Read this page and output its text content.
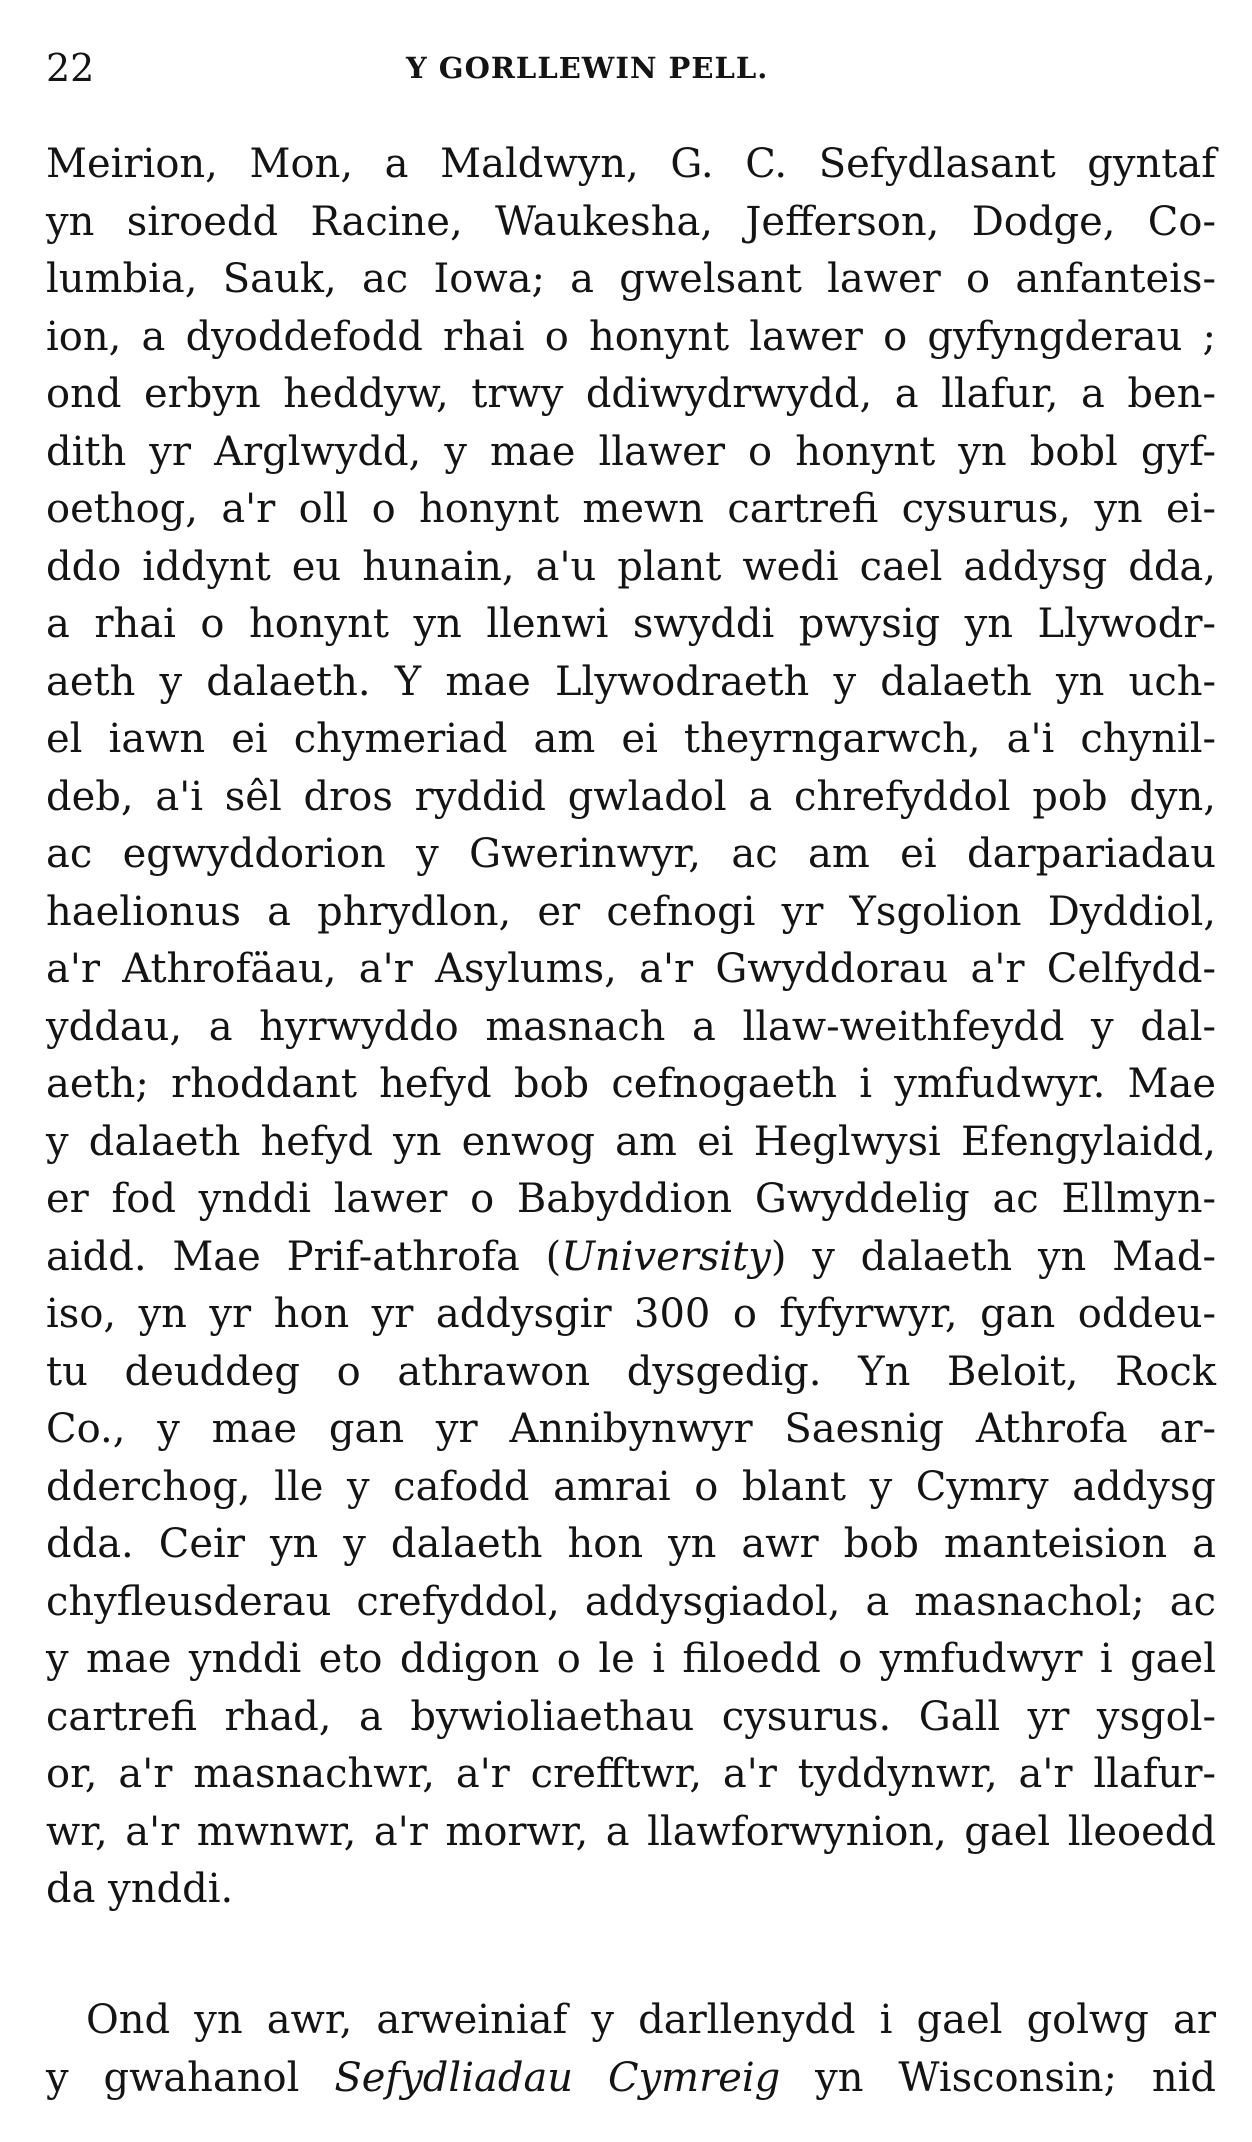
22	Y GORLLEWIN PELL.
Meirion, Mon, a Maldwyn, G. C. Sefydlasant gyntaf
yn siroedd Racine, Waukesha, Jefferson, Dodge, Co-
lumbia, Sauk, ac Iowa; a gwelsant lawer o anfanteis-
ion, a dyoddefodd rhai o honynt lawer o gyfyngderau ;
ond erbyn heddyw, trwy ddiwydrwydd, a llafur, a ben-
dith yr Arglwydd, y mae llawer o honynt yn bobl gyf-
oethog, a'r oll o honynt mewn cartrefi cysurus, yn ei-
ddo iddynt eu hunain, a'u plant wedi cael addysg dda,
a rhai o honynt yn llenwi swyddi pwysig yn Llywodr-
aeth y dalaeth. Y mae Llywodraeth y dalaeth yn uch-
el iawn ei chymeriad am ei theyrngarwch, a'i chynil-
deb, a'i sêl dros ryddid gwladol a chrefyddol pob dyn,
ac egwyddorion y Gwerinwyr, ac am ei darpariadau
haelionus a phrydlon, er cefnogi yr Ysgolion Dyddiol,
a'r Athrofäau, a'r Asylums, a'r Gwyddorau a'r Celfydd-
yddau, a hyrwyddo masnach a llaw-weithfeydd y dal-
aeth; rhoddant hefyd bob cefnogaeth i ymfudwyr. Mae
y dalaeth hefyd yn enwog am ei Heglwysi Efengylaidd,
er fod ynddi lawer o Babyddion Gwyddelig ac Ellmyn-
aidd. Mae Prif-athrofa (University) y dalaeth yn Mad-
iso, yn yr hon yr addysgir 300 o fyfyrwyr, gan oddeu-
tu deuddeg o athrawon dysgedig. Yn Beloit, Rock
Co., y mae gan yr Annibynwyr Saesnig Athrofa ar-
dderchog, lle y cafodd amrai o blant y Cymry addysg
dda. Ceir yn y dalaeth hon yn awr bob manteision a
chyfleusderau crefyddol, addysgiadol, a masnachol; ac
y mae ynddi eto ddigon o le i filoedd o ymfudwyr i gael
cartrefi rhad, a bywioliaethau cysurus. Gall yr ysgol-
or, a'r masnachwr, a'r crefftwr, a'r tyddynwr, a'r llafur-
wr, a'r mwnwr, a'r morwr, a llawforwynion, gael lleoedd
da ynddi.
Ond yn awr, arweiniaf y darllenydd i gael golwg ar
y gwahanol Sefydliadau Cymreig yn Wisconsin; nid
